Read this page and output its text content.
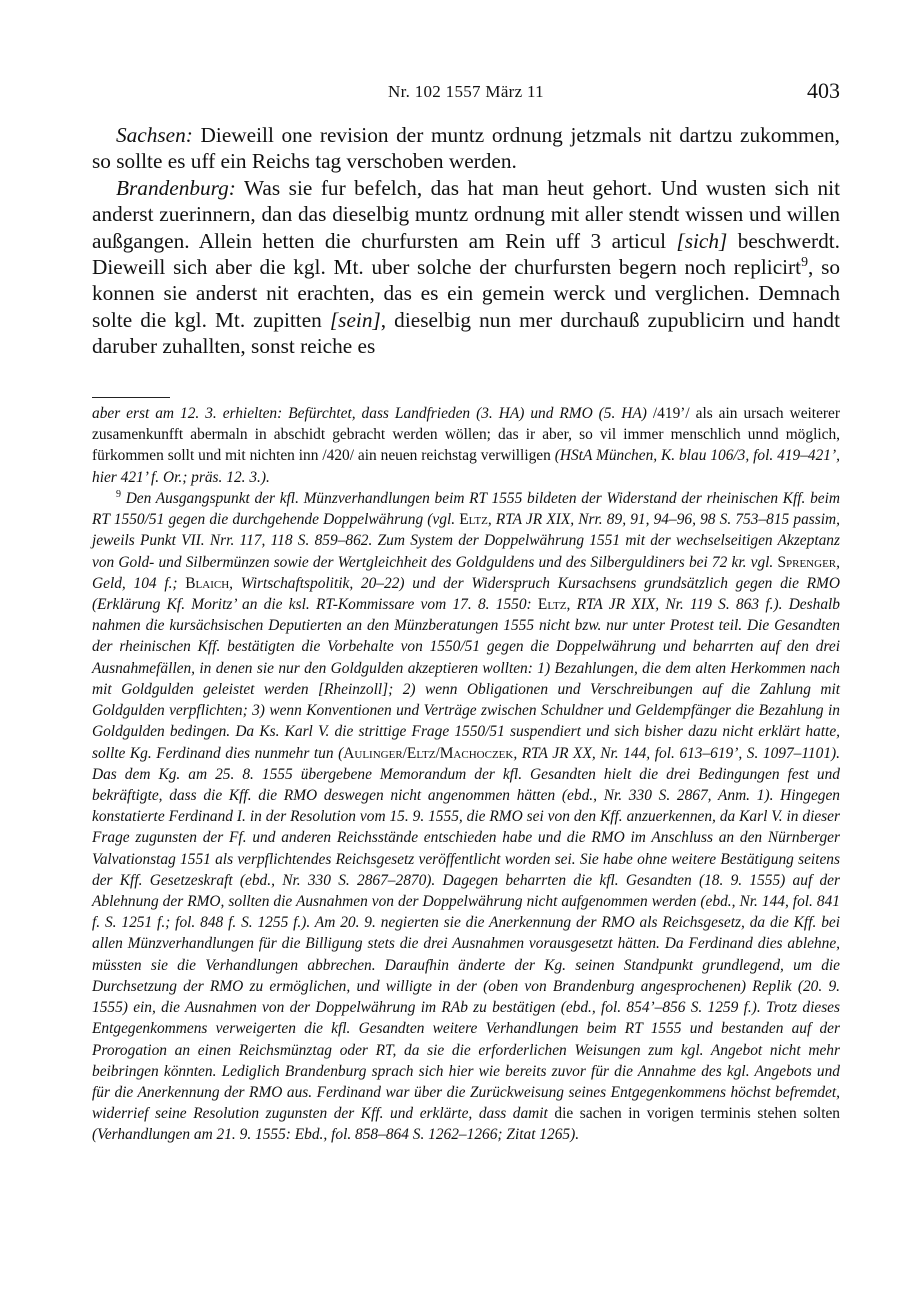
Nr. 102 1557 März 11	403

Sachsen: Dieweill one revision der muntz ordnung jetzmals nit dartzu zukommen, so sollte es uff ein Reichs tag verschoben werden.

Brandenburg: Was sie fur befelch, das hat man heut gehort. Und wusten sich nit anderst zuerinnern, dan das dieselbig muntz ordnung mit aller stendt wissen und willen außgangen. Allein hetten die churfursten am Rein uff 3 articul [sich] beschwerdt. Dieweill sich aber die kgl. Mt. uber solche der churfursten begern noch replicirt$^9$, so konnen sie anderst nit erachten, das es ein gemein werck und verglichen. Demnach solte die kgl. Mt. zupitten [sein], dieselbig nun mer durchauß zupublicirn und handt daruber zuhallten, sonst reiche es

aber erst am 12. 3. erhielten: Befürchtet, dass Landfrieden (3. HA) und RMO (5. HA) /419’/ als ain ursach weiterer zusamenkunfft abermaln in abschidt gebracht werden wöllen; das ir aber, so vil immer menschlich unnd möglich, fürkommen sollt und mit nichten inn /420/ ain neuen reichstag verwilligen (HStA München, K. blau 106/3, fol. 419–421’, hier 421’ f. Or.; präs. 12. 3.).

$^9$ Den Ausgangspunkt der kfl. Münzverhandlungen beim RT 1555 bildeten der Widerstand der rheinischen Kff. beim RT 1550/51 gegen die durchgehende Doppelwährung (vgl. Eltz, RTA JR XIX, Nrr. 89, 91, 94–96, 98 S. 753–815 passim, jeweils Punkt VII. Nrr. 117, 118 S. 859–862. Zum System der Doppelwährung 1551 mit der wechselseitigen Akzeptanz von Gold- und Silbermünzen sowie der Wertgleichheit des Goldguldens und des Silberguldiners bei 72 kr. vgl. Sprenger, Geld, 104 f.; Blaich, Wirtschaftspolitik, 20–22) und der Widerspruch Kursachsens grundsätzlich gegen die RMO (Erklärung Kf. Moritz’ an die ksl. RT-Kommissare vom 17. 8. 1550: Eltz, RTA JR XIX, Nr. 119 S. 863 f.). Deshalb nahmen die kursächsischen Deputierten an den Münzberatungen 1555 nicht bzw. nur unter Protest teil. Die Gesandten der rheinischen Kff. bestätigten die Vorbehalte von 1550/51 gegen die Doppelwährung und beharrten auf den drei Ausnahmefällen, in denen sie nur den Goldgulden akzeptieren wollten: 1) Bezahlungen, die dem alten Herkommen nach mit Goldgulden geleistet werden [Rheinzoll]; 2) wenn Obligationen und Verschreibungen auf die Zahlung mit Goldgulden verpflichten; 3) wenn Konventionen und Verträge zwischen Schuldner und Geldempfänger die Bezahlung in Goldgulden bedingen. Da Ks. Karl V. die strittige Frage 1550/51 suspendiert und sich bisher dazu nicht erklärt hatte, sollte Kg. Ferdinand dies nunmehr tun (Aulinger/Eltz/Machoczek, RTA JR XX, Nr. 144, fol. 613–619’, S. 1097–1101). Das dem Kg. am 25. 8. 1555 übergebene Memorandum der kfl. Gesandten hielt die drei Bedingungen fest und bekräftigte, dass die Kff. die RMO deswegen nicht angenommen hätten (ebd., Nr. 330 S. 2867, Anm. 1). Hingegen konstatierte Ferdinand I. in der Resolution vom 15. 9. 1555, die RMO sei von den Kff. anzuerkennen, da Karl V. in dieser Frage zugunsten der Ff. und anderen Reichsstände entschieden habe und die RMO im Anschluss an den Nürnberger Valvationstag 1551 als verpflichtendes Reichsgesetz veröffentlicht worden sei. Sie habe ohne weitere Bestätigung seitens der Kff. Gesetzeskraft (ebd., Nr. 330 S. 2867–2870). Dagegen beharrten die kfl. Gesandten (18. 9. 1555) auf der Ablehnung der RMO, sollten die Ausnahmen von der Doppelwährung nicht aufgenommen werden (ebd., Nr. 144, fol. 841 f. S. 1251 f.; fol. 848 f. S. 1255 f.). Am 20. 9. negierten sie die Anerkennung der RMO als Reichsgesetz, da die Kff. bei allen Münzverhandlungen für die Billigung stets die drei Ausnahmen vorausgesetzt hätten. Da Ferdinand dies ablehne, müssten sie die Verhandlungen abbrechen. Daraufhin änderte der Kg. seinen Standpunkt grundlegend, um die Durchsetzung der RMO zu ermöglichen, und willigte in der (oben von Brandenburg angesprochenen) Replik (20. 9. 1555) ein, die Ausnahmen von der Doppelwährung im RAb zu bestätigen (ebd., fol. 854’–856 S. 1259 f.). Trotz dieses Entgegenkommens verweigerten die kfl. Gesandten weitere Verhandlungen beim RT 1555 und bestanden auf der Prorogation an einen Reichsmünztag oder RT, da sie die erforderlichen Weisungen zum kgl. Angebot nicht mehr beibringen könnten. Lediglich Brandenburg sprach sich hier wie bereits zuvor für die Annahme des kgl. Angebots und für die Anerkennung der RMO aus. Ferdinand war über die Zurückweisung seines Entgegenkommens höchst befremdet, widerrief seine Resolution zugunsten der Kff. und erklärte, dass damit die sachen in vorigen terminis stehen solten (Verhandlungen am 21. 9. 1555: Ebd., fol. 858–864 S. 1262–1266; Zitat 1265).
